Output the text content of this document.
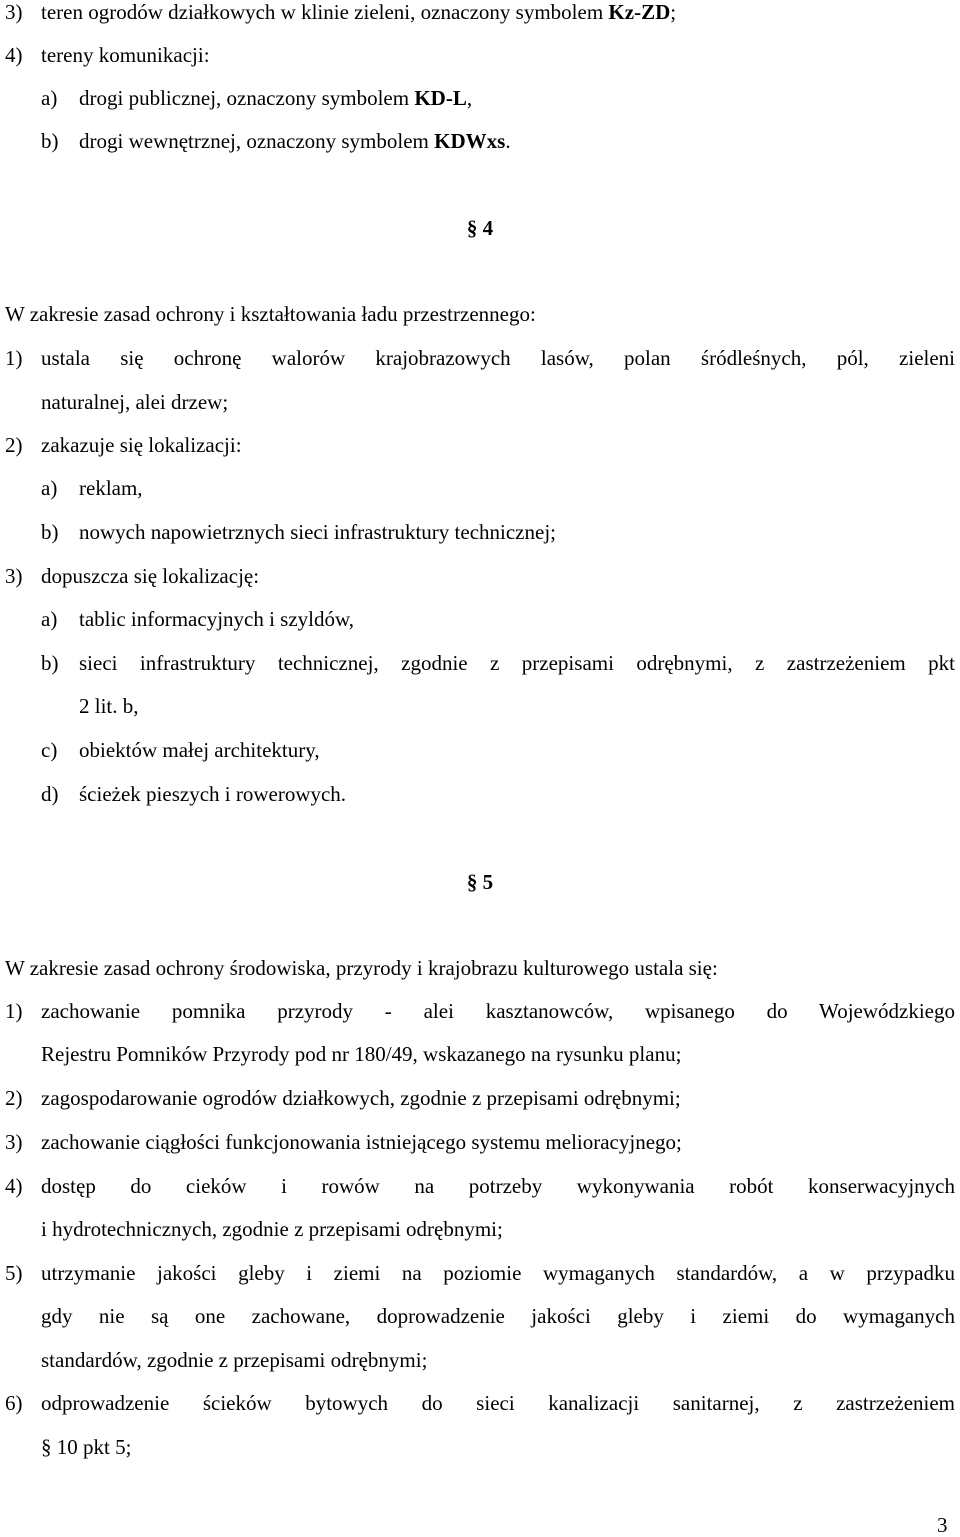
3) teren ogrodów działkowych w klinie zieleni, oznaczony symbolem Kz-ZD;
4) tereny komunikacji:
a) drogi publicznej, oznaczony symbolem KD-L,
b) drogi wewnętrznej, oznaczony symbolem KDWxs.
§ 4
W zakresie zasad ochrony i kształtowania ładu przestrzennego:
1) ustala się ochronę walorów krajobrazowych lasów, polan śródleśnych, pól, zieleni
naturalnej, alei drzew;
2) zakazuje się lokalizacji:
a) reklam,
b) nowych napowietrznych sieci infrastruktury technicznej;
3) dopuszcza się lokalizację:
a) tablic informacyjnych i szyldów,
b) sieci infrastruktury technicznej, zgodnie z przepisami odrębnymi, z zastrzeżeniem pkt
2 lit. b,
c) obiektów małej architektury,
d) ścieżek pieszych i rowerowych.
§ 5
W zakresie zasad ochrony środowiska, przyrody i krajobrazu kulturowego ustala się:
1) zachowanie pomnika przyrody - alei kasztanowców, wpisanego do Wojewódzkiego
Rejestru Pomników Przyrody pod nr 180/49, wskazanego na rysunku planu;
2) zagospodarowanie ogrodów działkowych, zgodnie z przepisami odrębnymi;
3) zachowanie ciągłości funkcjonowania istniejącego systemu melioracyjnego;
4) dostęp do cieków i rowów na potrzeby wykonywania robót konserwacyjnych
i hydrotechnicznych, zgodnie z przepisami odrębnymi;
5) utrzymanie jakości gleby i ziemi na poziomie wymaganych standardów, a w przypadku
gdy nie są one zachowane, doprowadzenie jakości gleby i ziemi do wymaganych
standardów, zgodnie z przepisami odrębnymi;
6) odprowadzenie ścieków bytowych do sieci kanalizacji sanitarnej, z zastrzeżeniem
§ 10 pkt 5;
3
